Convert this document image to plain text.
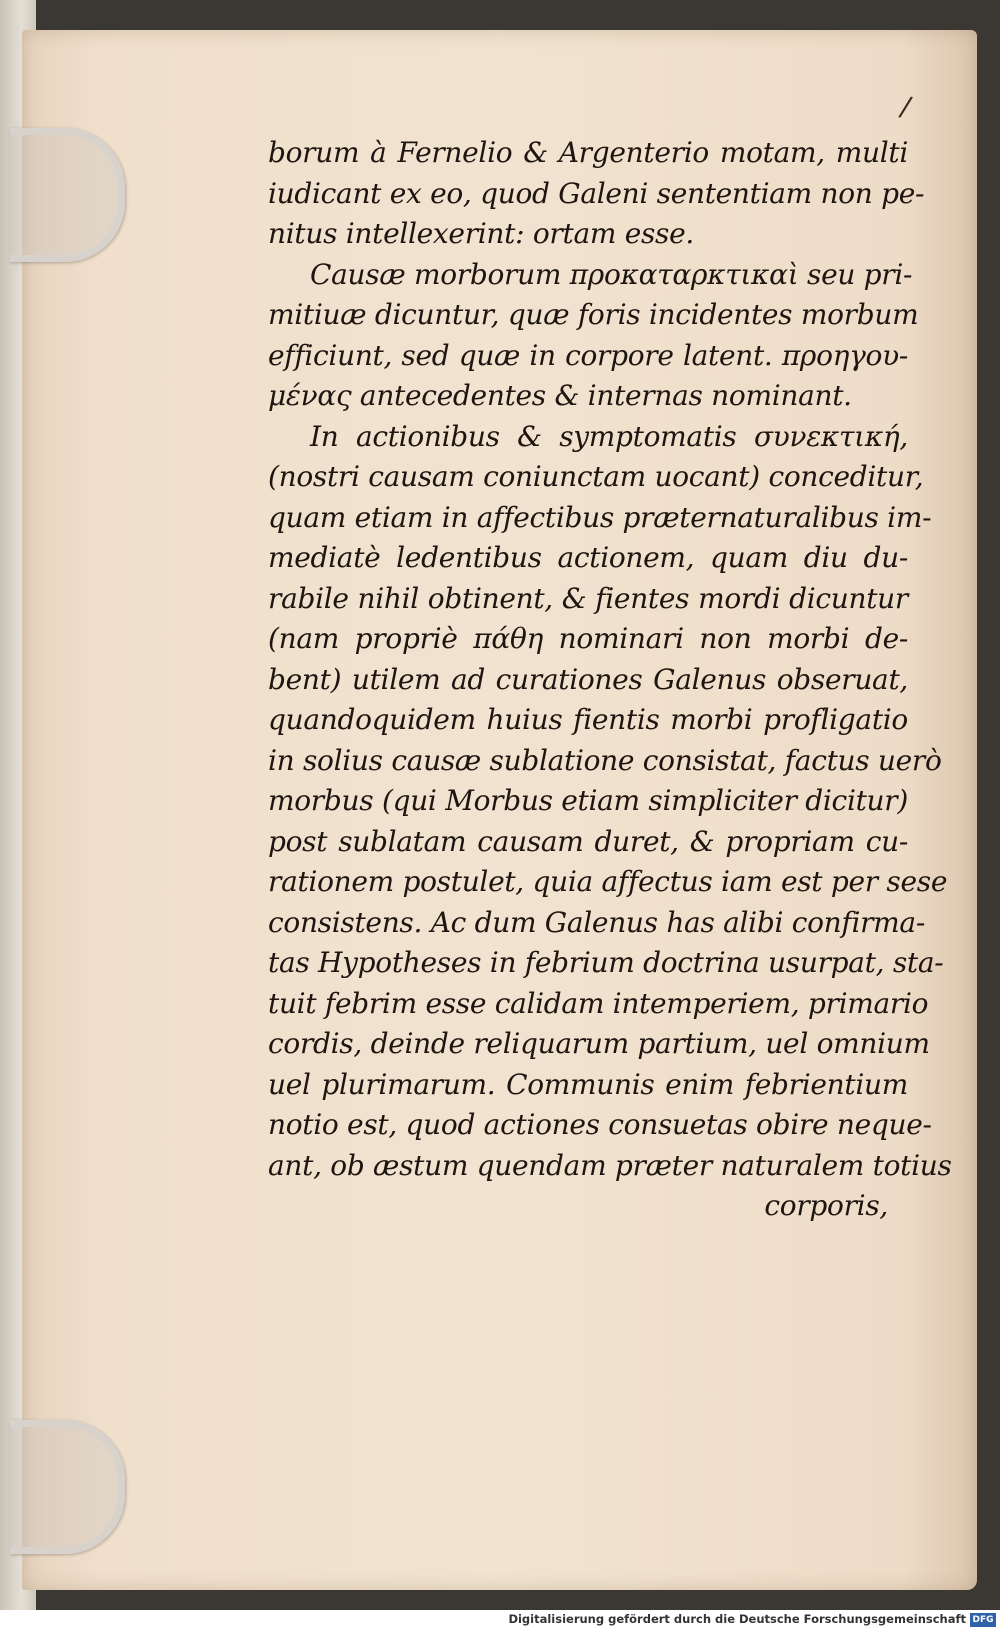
/
borum à Fernelio & Argenterio motam, multi
iudicant ex eo, quod Galeni sententiam non pe-
nitus intellexerint: ortam esse.
Causæ morborum προκαταρκτικαὶ seu pri-
mitiuæ dicuntur, quæ foris incidentes morbum
efficiunt, sed quæ in corpore latent. προηγου-
μένας antecedentes & internas nominant.
In actionibus & symptomatis συνεκτική,
(nostri causam coniunctam uocant) conceditur,
quam etiam in affectibus præternaturalibus im-
mediatè ledentibus actionem, quam diu du-
rabile nihil obtinent, & fientes mordi dicuntur
(nam propriè πάθη nominari non morbi de-
bent) utilem ad curationes Galenus obseruat,
quandoquidem huius fientis morbi profligatio
in solius causæ sublatione consistat, factus uerò
morbus (qui Morbus etiam simpliciter dicitur)
post sublatam causam duret, & propriam cu-
rationem postulet, quia affectus iam est per sese
consistens. Ac dum Galenus has alibi confirma-
tas Hypotheses in febrium doctrina usurpat, sta-
tuit febrim esse calidam intemperiem, primario
cordis, deinde reliquarum partium, uel omnium
uel plurimarum. Communis enim febrientium
notio est, quod actiones consuetas obire neque-
ant, ob æstum quendam præter naturalem totius
corporis,
Digitalisierung gefördert durch die Deutsche Forschungsgemeinschaft DFG
